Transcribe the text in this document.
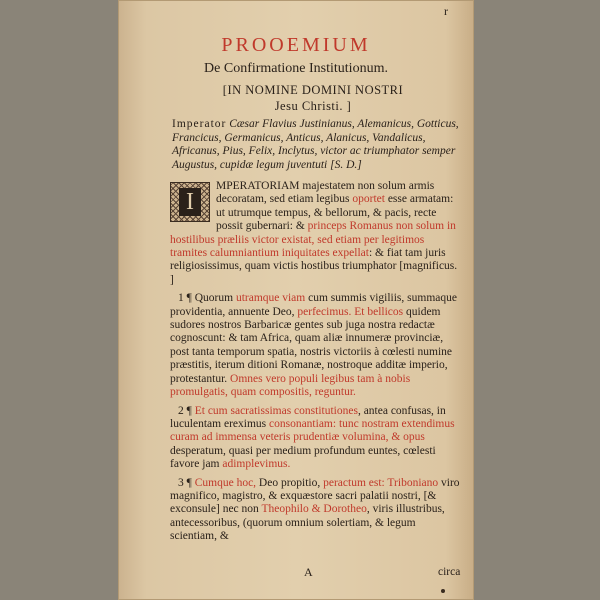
r
PROOEMIUM
De Confirmatione Institutionum.
[IN NOMINE DOMINI NOSTRI
Jesu Christi. ]
Imperator Cæsar Flavius Justinianus, Alemanicus, Gotticus, Francicus, Germanicus, Anticus, Alanicus, Vandalicus, Africanus, Pius, Felix, Inclytus, victor ac triumphator semper Augustus, cupidæ legum juventuti [S. D.]

I
MPERATORIAM majestatem non solum armis decoratam, sed etiam legibus oportet esse armatam: ut utrumque tempus, & bellorum, & pacis, recte possit gubernari: & princeps Romanus non solum in hostilibus præliis victor existat, sed etiam per legitimos tramites calumniantium iniquitates expellat: & fiat tam juris religiosissimus, quam victis hostibus triumphator [magnificus. ]

1 ¶ Quorum utramque viam cum summis vigiliis, summaque providentia, annuente Deo, perfecimus. Et bellicos quidem sudores nostros Barbaricæ gentes sub juga nostra redactæ cognoscunt: & tam Africa, quam aliæ innumeræ provinciæ, post tanta temporum spatia, nostris victoriis à cœlesti numine præstitis, iterum ditioni Romanæ, nostroque additæ imperio, protestantur. Omnes vero populi legibus tam à nobis promulgatis, quam compositis, reguntur.

2 ¶ Et cum sacratissimas constitutiones, antea confusas, in luculentam ereximus consonantiam: tunc nostram extendimus curam ad immensa veteris prudentiæ volumina, & opus desperatum, quasi per medium profundum euntes, cœlesti favore jam adimplevimus.

3 ¶ Cumque hoc, Deo propitio, peractum est: Triboniano viro magnifico, magistro, & exquæstore sacri palatii nostri, [& exconsule] nec non Theophilo & Dorotheo, viris illustribus, antecessoribus, (quorum omnium solertiam, & legum scientiam, &

A	circa
